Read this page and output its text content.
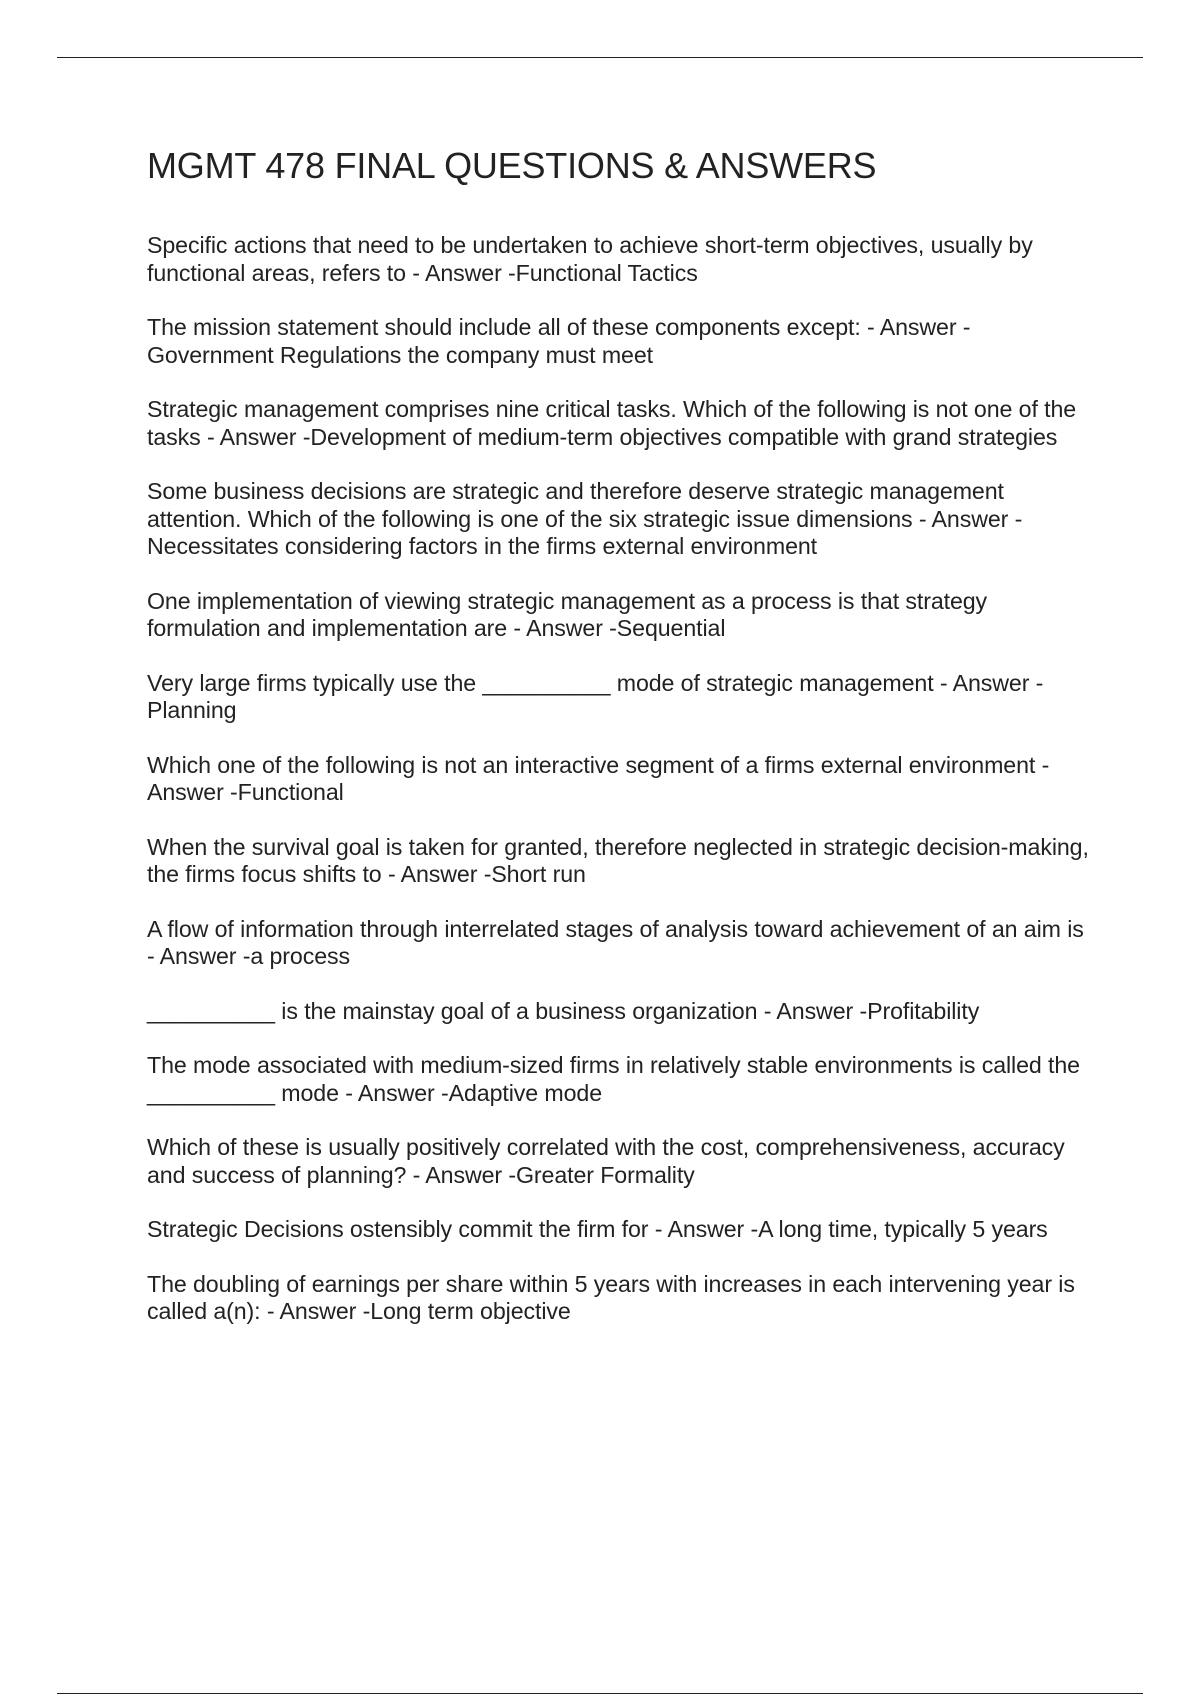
MGMT 478 FINAL QUESTIONS & ANSWERS
Specific actions that need to be undertaken to achieve short-term objectives, usually by functional areas, refers to - Answer -Functional Tactics
The mission statement should include all of these components except: - Answer -Government Regulations the company must meet
Strategic management comprises nine critical tasks. Which of the following is not one of the tasks - Answer -Development of medium-term objectives compatible with grand strategies
Some business decisions are strategic and therefore deserve strategic management attention. Which of the following is one of the six strategic issue dimensions - Answer -Necessitates considering factors in the firms external environment
One implementation of viewing strategic management as a process is that strategy formulation and implementation are - Answer -Sequential
Very large firms typically use the __________ mode of strategic management - Answer -Planning
Which one of the following is not an interactive segment of a firms external environment - Answer -Functional
When the survival goal is taken for granted, therefore neglected in strategic decision-making, the firms focus shifts to - Answer -Short run
A flow of information through interrelated stages of analysis toward achievement of an aim is - Answer -a process
__________ is the mainstay goal of a business organization - Answer -Profitability
The mode associated with medium-sized firms in relatively stable environments is called the __________ mode - Answer -Adaptive mode
Which of these is usually positively correlated with the cost, comprehensiveness, accuracy and success of planning? - Answer -Greater Formality
Strategic Decisions ostensibly commit the firm for - Answer -A long time, typically 5 years
The doubling of earnings per share within 5 years with increases in each intervening year is called a(n): - Answer -Long term objective
